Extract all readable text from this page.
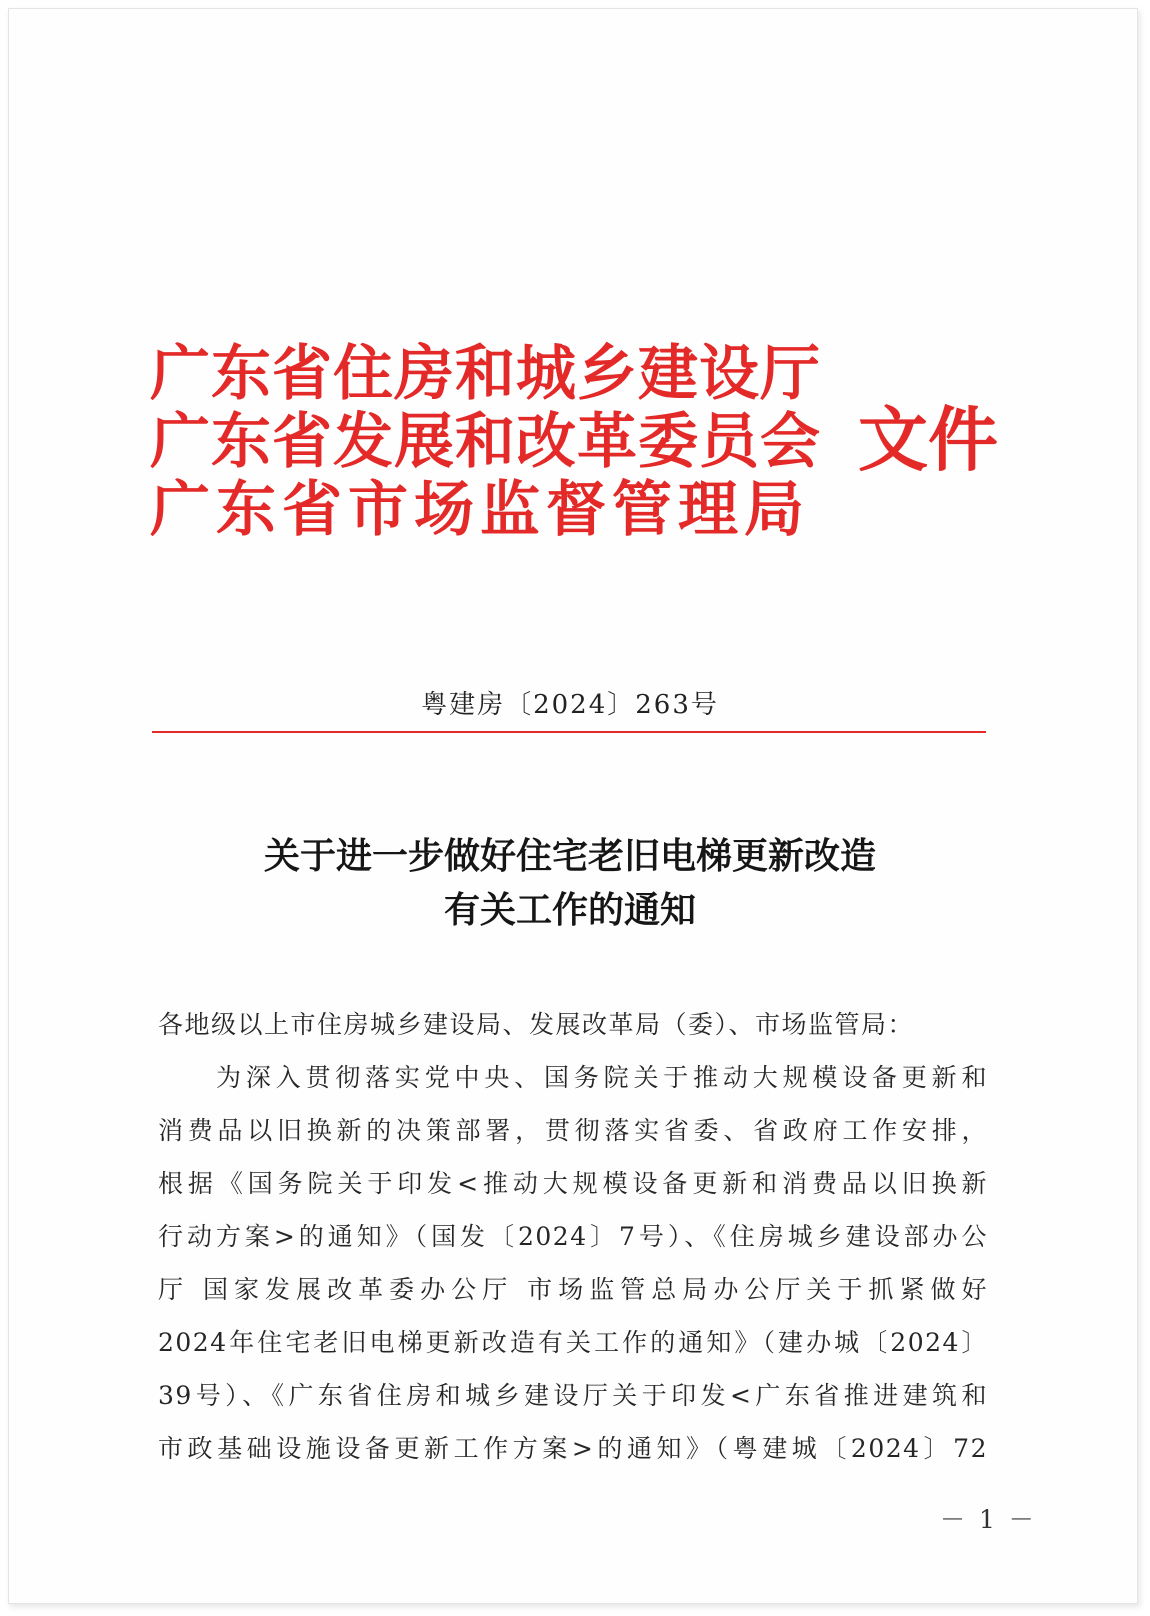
广东省住房和城乡建设厅
广东省发展和改革委员会
广东省市场监督管理局
文件
粤建房〔2024〕263号
关于进一步做好住宅老旧电梯更新改造
有关工作的通知
各地级以上市住房城乡建设局、发展改革局（委）、市场监管局：
为深入贯彻落实党中央、国务院关于推动大规模设备更新和
消费品以旧换新的决策部署，贯彻落实省委、省政府工作安排，
根据《国务院关于印发<推动大规模设备更新和消费品以旧换新
行动方案>的通知》（国发〔2024〕7号）、《住房城乡建设部办公
厅 国家发展改革委办公厅 市场监管总局办公厅关于抓紧做好
2024年住宅老旧电梯更新改造有关工作的通知》（建办城〔2024〕
39号）、《广东省住房和城乡建设厅关于印发<广东省推进建筑和
市政基础设施设备更新工作方案>的通知》（粤建城〔2024〕72
－ 1 －
